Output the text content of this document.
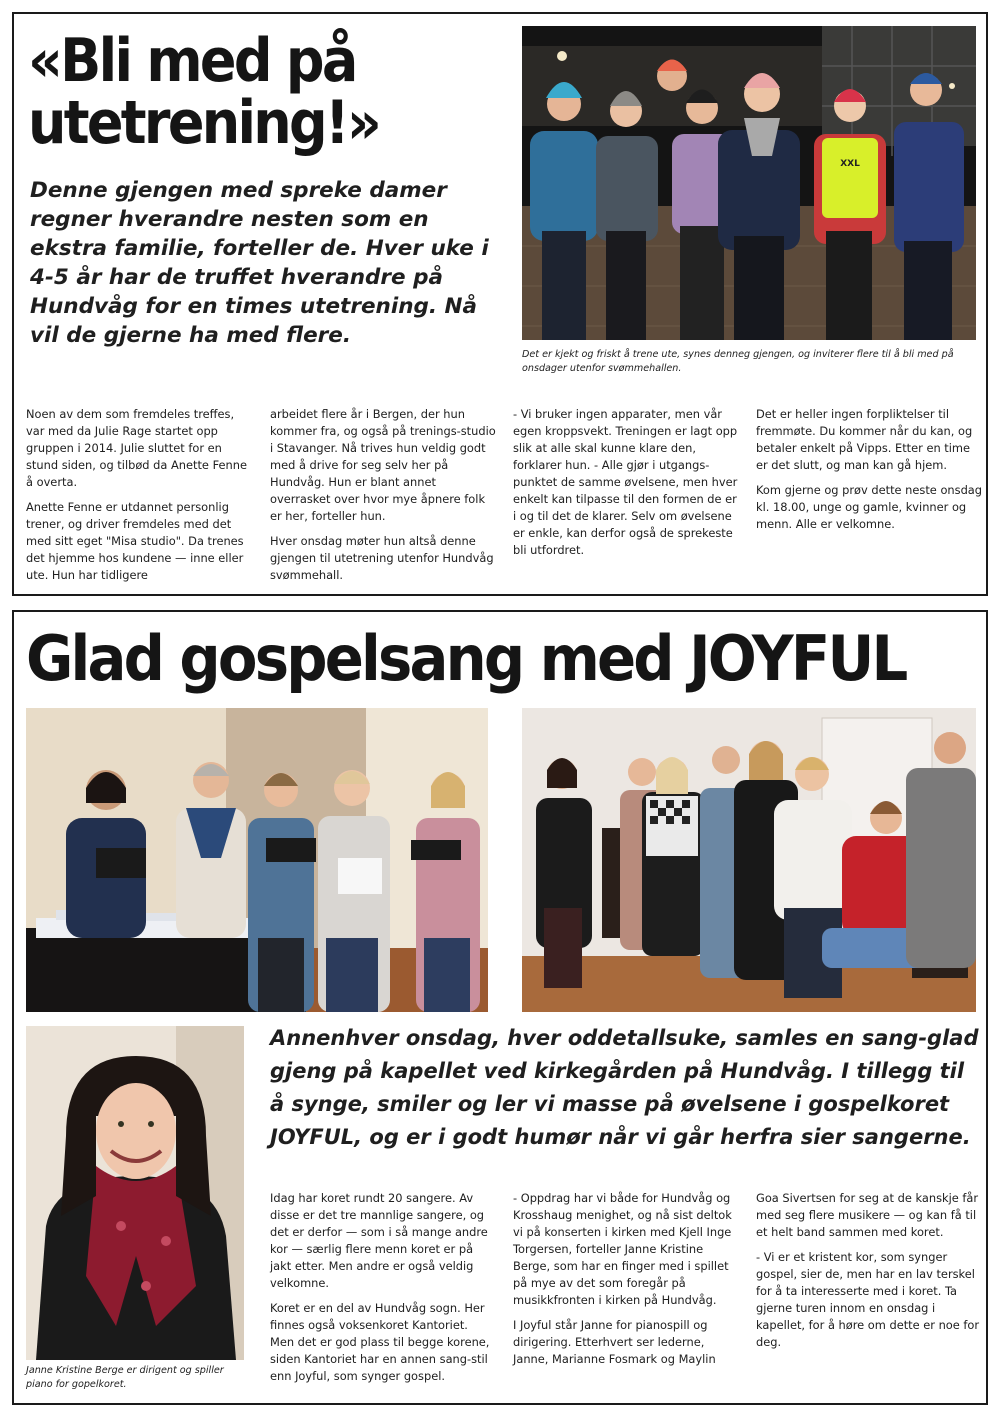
«Bli med på utetrening!»

Denne gjengen med spreke damer regner hverandre nesten som en ekstra familie, forteller de. Hver uke i 4-5 år har de truffet hverandre på Hundvåg for en times utetrening. Nå vil de gjerne ha med flere.

XXL

Det er kjekt og friskt å trene ute, synes denneg gjengen, og inviterer flere til å bli med på onsdager utenfor svømmehallen.

Noen av dem som fremdeles treffes, var med da Julie Rage startet opp gruppen i 2014. Julie sluttet for en stund siden, og tilbød da Anette Fenne å overta.

Anette Fenne er utdannet personlig trener, og driver fremdeles med det med sitt eget "Misa studio". Da trenes det hjemme hos kundene — inne eller ute. Hun har tidligere

arbeidet flere år i Bergen, der hun kommer fra, og også på trenings-studio i Stavanger. Nå trives hun veldig godt med å drive for seg selv her på Hundvåg. Hun er blant annet overrasket over hvor mye åpnere folk er her, forteller hun.

Hver onsdag møter hun altså denne gjengen til utetrening utenfor Hundvåg svømmehall.

- Vi bruker ingen apparater, men vår egen kroppsvekt. Treningen er lagt opp slik at alle skal kunne klare den, forklarer hun. - Alle gjør i utgangs-punktet de samme øvelsene, men hver enkelt kan tilpasse til den formen de er i og til det de klarer. Selv om øvelsene er enkle, kan derfor også de sprekeste bli utfordret.

Det er heller ingen forpliktelser til fremmøte. Du kommer når du kan, og betaler enkelt på Vipps. Etter en time er det slutt, og man kan gå hjem.

Kom gjerne og prøv dette neste onsdag kl. 18.00, unge og gamle, kvinner og menn. Alle er velkomne.

Glad gospelsang med JOYFUL

Janne Kristine Berge er dirigent og spiller piano for gopelkoret.

Annenhver onsdag, hver oddetallsuke, samles en sang-glad gjeng på kapellet ved kirkegården på Hundvåg. I tillegg til å synge, smiler og ler vi masse på øvelsene i gospelkoret JOYFUL, og er i godt humør når vi går herfra sier sangerne.

Idag har koret rundt 20 sangere. Av disse er det tre mannlige sangere, og det er derfor — som i så mange andre kor — særlig flere menn koret er på jakt etter. Men andre er også veldig velkomne.

Koret er en del av Hundvåg sogn. Her finnes også voksenkoret Kantoriet. Men det er god plass til begge korene, siden Kantoriet har en annen sang-stil enn Joyful, som synger gospel.

- Oppdrag har vi både for Hundvåg og Krosshaug menighet, og nå sist deltok vi på konserten i kirken med Kjell Inge Torgersen, forteller Janne Kristine Berge, som har en finger med i spillet på mye av det som foregår på musikkfronten i kirken på Hundvåg.

I Joyful står Janne for pianospill og dirigering. Etterhvert ser lederne, Janne, Marianne Fosmark og Maylin

Goa Sivertsen for seg at de kanskje får med seg flere musikere — og kan få til et helt band sammen med koret.

- Vi er et kristent kor, som synger gospel, sier de, men har en lav terskel for å ta interesserte med i koret. Ta gjerne turen innom en onsdag i kapellet, for å høre om dette er noe for deg.
